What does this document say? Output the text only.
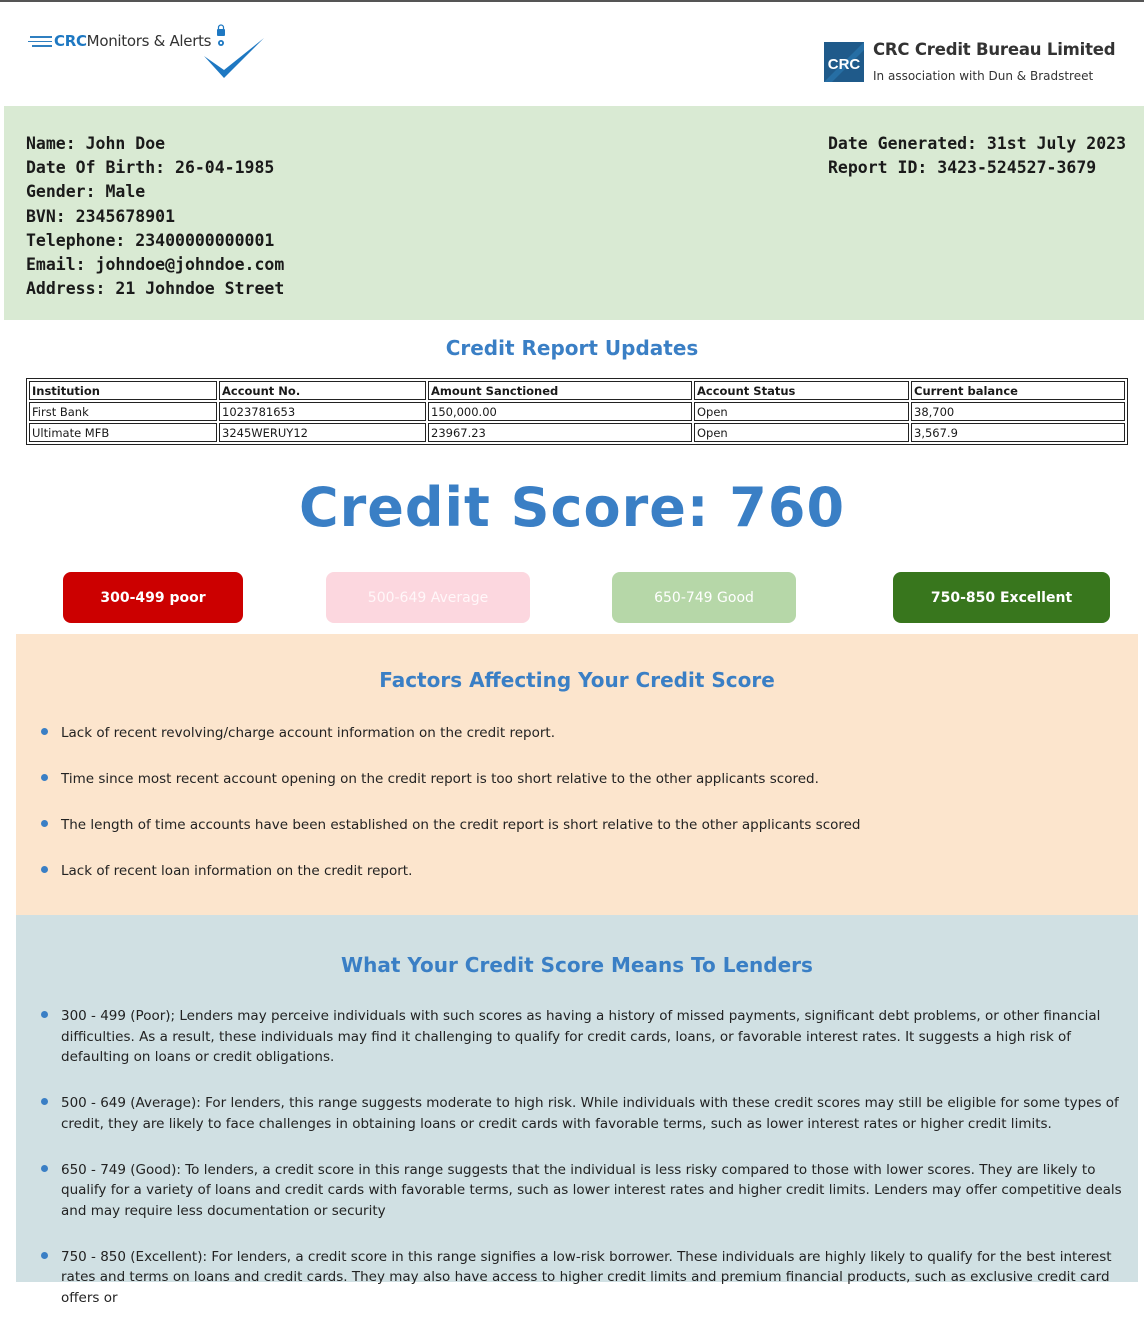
CRCMonitors & Alerts
CRC
CRC Credit Bureau Limited
In association with Dun & Bradstreet
Name: John Doe
Date Of Birth: 26-04-1985
Gender: Male
BVN: 2345678901
Telephone: 23400000000001
Email: johndoe@johndoe.com
Address: 21 Johndoe Street
Date Generated: 31st July 2023
Report ID: 3423-524527-3679
Credit Report Updates
Institution	Account No.	Amount Sanctioned	Account Status	Current balance
First Bank	1023781653	150,000.00	Open	38,700
Ultimate MFB	3245WERUY12	23967.23	Open	3,567.9
Credit Score: 760
300-499 poor	500-649 Average	650-749 Good	750-850 Excellent
Factors Affecting Your Credit Score
Lack of recent revolving/charge account information on the credit report.
Time since most recent account opening on the credit report is too short relative to the other applicants scored.
The length of time accounts have been established on the credit report is short relative to the other applicants scored
Lack of recent loan information on the credit report.
What Your Credit Score Means To Lenders
300 - 499 (Poor); Lenders may perceive individuals with such scores as having a history of missed payments, significant debt problems, or other financial difficulties. As a result, these individuals may find it challenging to qualify for credit cards, loans, or favorable interest rates. It suggests a high risk of defaulting on loans or credit obligations.
500 - 649 (Average): For lenders, this range suggests moderate to high risk. While individuals with these credit scores may still be eligible for some types of credit, they are likely to face challenges in obtaining loans or credit cards with favorable terms, such as lower interest rates or higher credit limits.
650 - 749 (Good): To lenders, a credit score in this range suggests that the individual is less risky compared to those with lower scores. They are likely to qualify for a variety of loans and credit cards with favorable terms, such as lower interest rates and higher credit limits. Lenders may offer competitive deals and may require less documentation or security
750 - 850 (Excellent): For lenders, a credit score in this range signifies a low-risk borrower. These individuals are highly likely to qualify for the best interest rates and terms on loans and credit cards. They may also have access to higher credit limits and premium financial products, such as exclusive credit card offers or
